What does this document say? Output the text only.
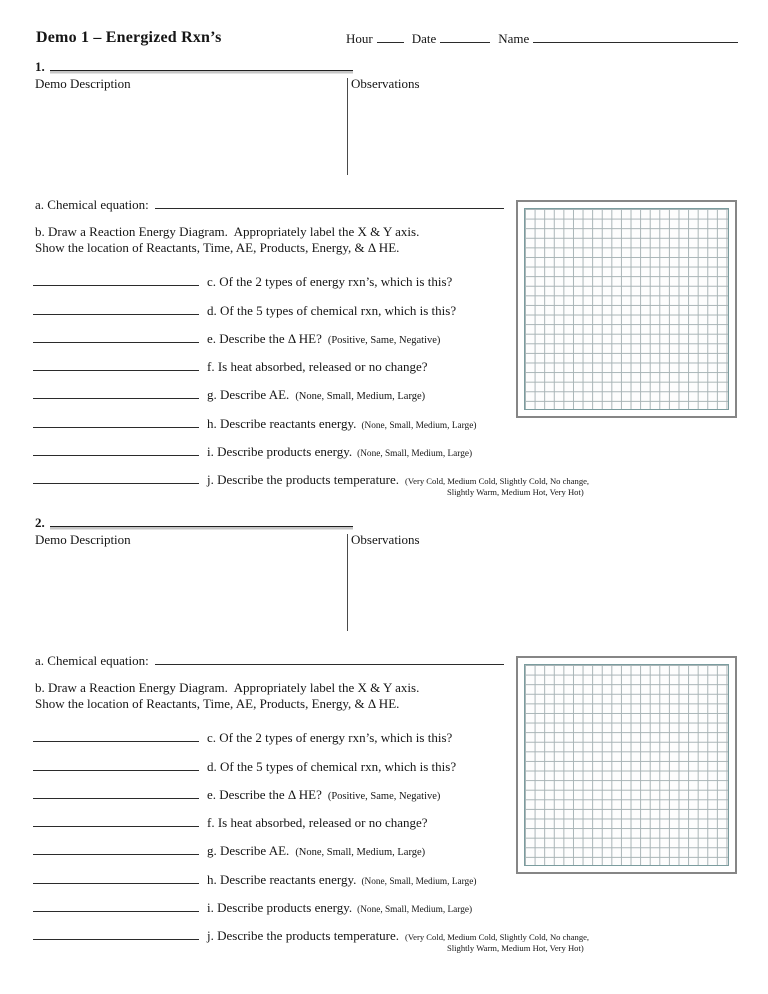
Demo 1 – Energized Rxn’s	Hour	Date	Name
1.
Demo Description	Observations
a. Chemical equation:
b. Draw a Reaction Energy Diagram.  Appropriately label the X & Y axis.
Show the location of Reactants, Time, AE, Products, Energy, & Δ HE.
c. Of the 2 types of energy rxn’s, which is this?
d. Of the 5 types of chemical rxn, which is this?
e. Describe the Δ HE? (Positive, Same, Negative)
f. Is heat absorbed, released or no change?
g. Describe AE. (None, Small, Medium, Large)
h. Describe reactants energy. (None, Small, Medium, Large)
i. Describe products energy. (None, Small, Medium, Large)
j. Describe the products temperature. (Very Cold, Medium Cold, Slightly Cold, No change,
Slightly Warm, Medium Hot, Very Hot)
2.
Demo Description	Observations
a. Chemical equation:
b. Draw a Reaction Energy Diagram.  Appropriately label the X & Y axis.
Show the location of Reactants, Time, AE, Products, Energy, & Δ HE.
c. Of the 2 types of energy rxn’s, which is this?
d. Of the 5 types of chemical rxn, which is this?
e. Describe the Δ HE? (Positive, Same, Negative)
f. Is heat absorbed, released or no change?
g. Describe AE. (None, Small, Medium, Large)
h. Describe reactants energy. (None, Small, Medium, Large)
i. Describe products energy. (None, Small, Medium, Large)
j. Describe the products temperature. (Very Cold, Medium Cold, Slightly Cold, No change,
Slightly Warm, Medium Hot, Very Hot)
